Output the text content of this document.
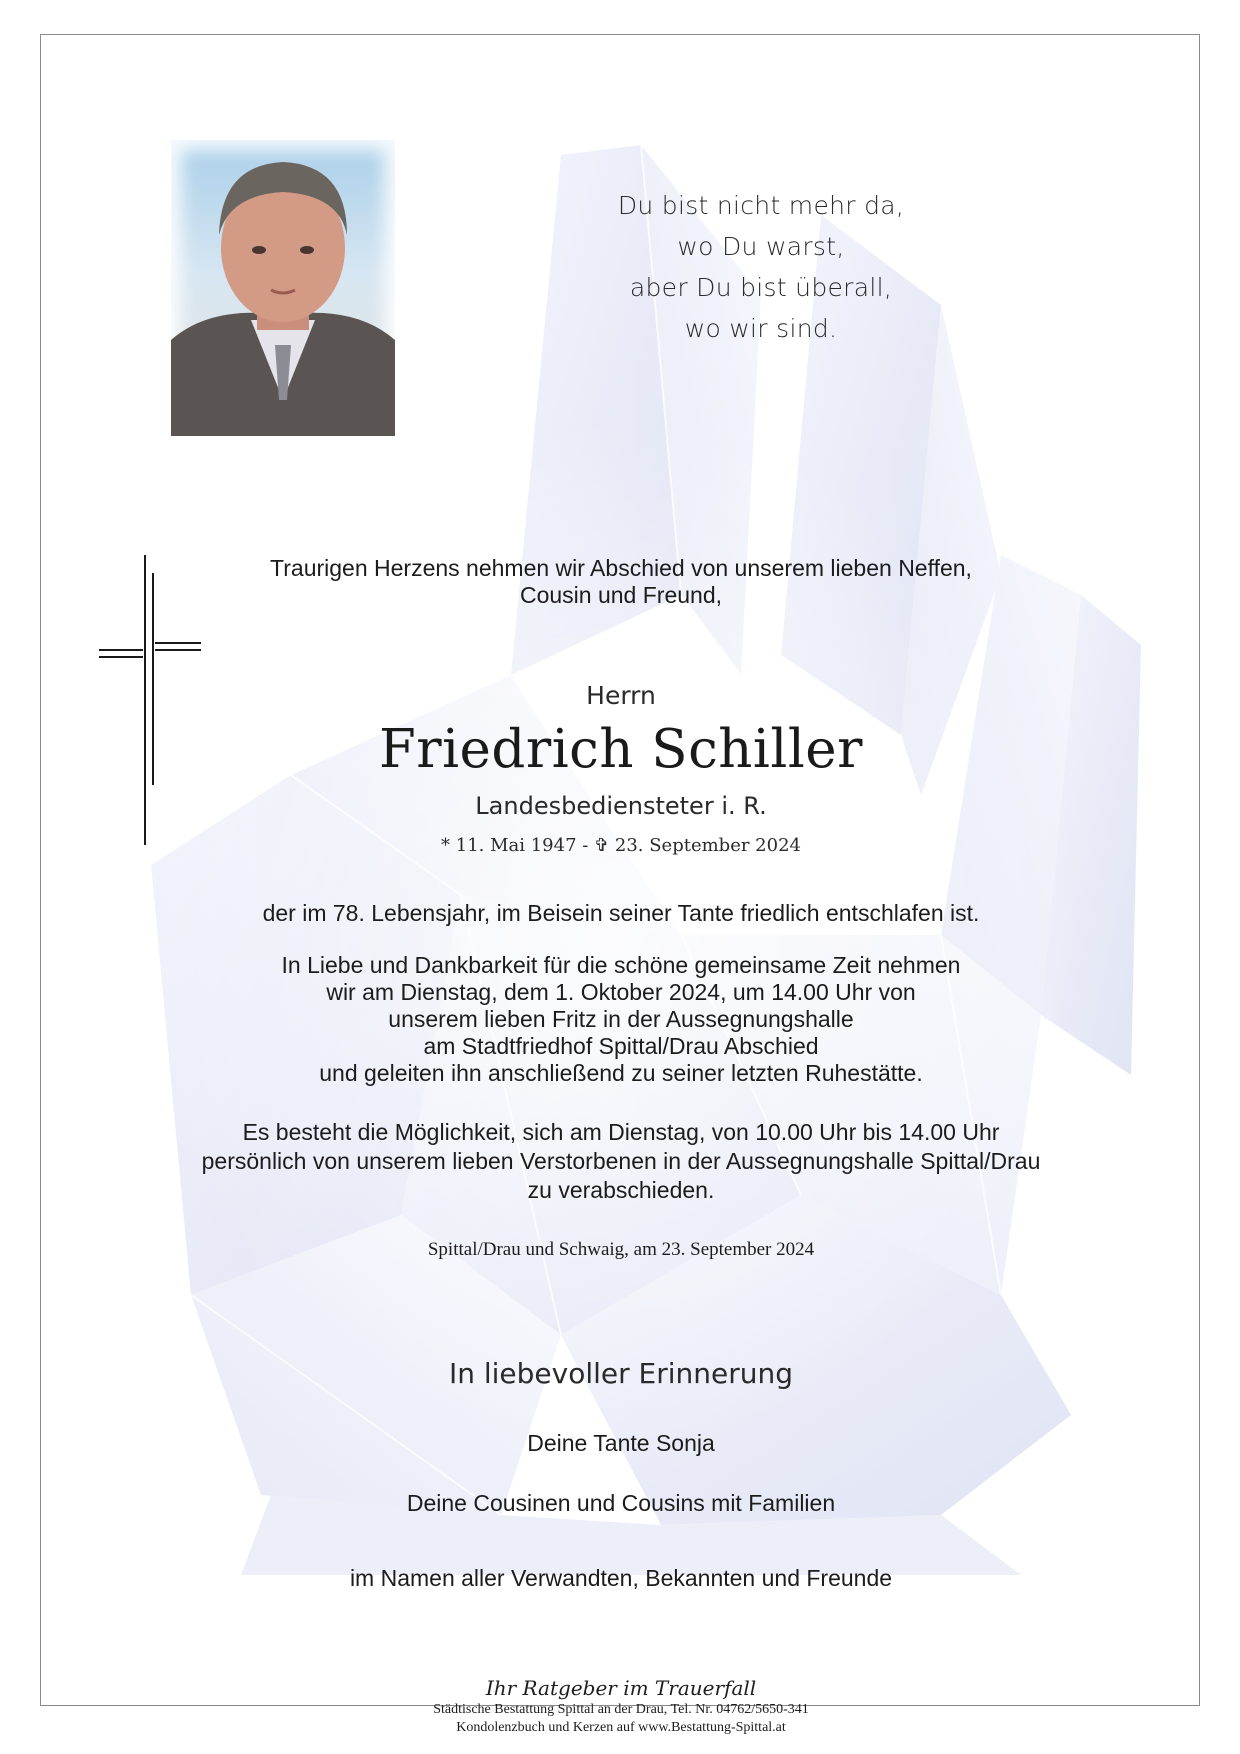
Du bist nicht mehr da,
wo Du warst,
aber Du bist überall,
wo wir sind.
Traurigen Herzens nehmen wir Abschied von unserem lieben Neffen,
Cousin und Freund,
Herrn
Friedrich Schiller
Landesbediensteter i. R.
* 11. Mai 1947 - ✞ 23. September 2024
der im 78. Lebensjahr, im Beisein seiner Tante friedlich entschlafen ist.
In Liebe und Dankbarkeit für die schöne gemeinsame Zeit nehmen
wir am Dienstag, dem 1. Oktober 2024, um 14.00 Uhr von
unserem lieben Fritz in der Aussegnungshalle
am Stadtfriedhof Spittal/Drau Abschied
und geleiten ihn anschließend zu seiner letzten Ruhestätte.
Es besteht die Möglichkeit, sich am Dienstag, von 10.00 Uhr bis 14.00 Uhr
persönlich von unserem lieben Verstorbenen in der Aussegnungshalle Spittal/Drau
zu verabschieden.
Spittal/Drau und Schwaig, am 23. September 2024
In liebevoller Erinnerung
Deine Tante Sonja
Deine Cousinen und Cousins mit Familien
im Namen aller Verwandten, Bekannten und Freunde
Ihr Ratgeber im Trauerfall
Städtische Bestattung Spittal an der Drau, Tel. Nr. 04762/5650-341
Kondolenzbuch und Kerzen auf www.Bestattung-Spittal.at
